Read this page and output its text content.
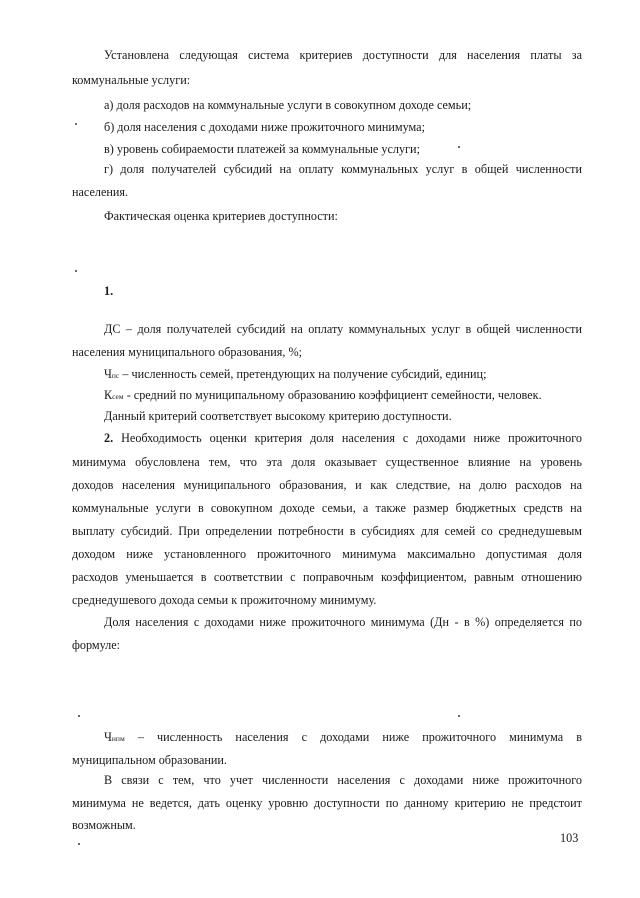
Установлена следующая система критериев доступности для населения платы за
коммунальные услуги:
а) доля расходов на коммунальные услуги в совокупном доходе семьи;
б) доля населения с доходами ниже прожиточного минимума;
в) уровень собираемости платежей за коммунальные услуги;
г) доля получателей субсидий на оплату коммунальных услуг в общей численности
населения.
Фактическая оценка критериев доступности:
1.
ДС – доля получателей субсидий на оплату коммунальных услуг в общей численности
населения муниципального образования, %;
Чпс – численность семей, претендующих на получение субсидий, единиц;
Ксем - средний по муниципальному образованию коэффициент семейности, человек.
Данный критерий соответствует высокому критерию доступности.
2. Необходимость оценки критерия доля населения с доходами ниже прожиточного
минимума обусловлена тем, что эта доля оказывает существенное влияние на уровень
доходов населения муниципального образования, и как следствие, на долю расходов на
коммунальные услуги в совокупном доходе семьи, а также размер бюджетных средств на
выплату субсидий. При определении потребности в субсидиях для семей со среднедушевым
доходом ниже установленного прожиточного минимума максимально допустимая доля
расходов уменьшается в соответствии с поправочным коэффициентом, равным отношению
среднедушевого дохода семьи к прожиточному минимуму.
Доля населения с доходами ниже прожиточного минимума (Дн - в %) определяется по
формуле:
Чнпм – численность населения с доходами ниже прожиточного минимума в
муниципальном образовании.
В связи с тем, что учет численности населения с доходами ниже прожиточного
минимума не ведется, дать оценку уровню доступности по данному критерию не предстоит
возможным.
103
